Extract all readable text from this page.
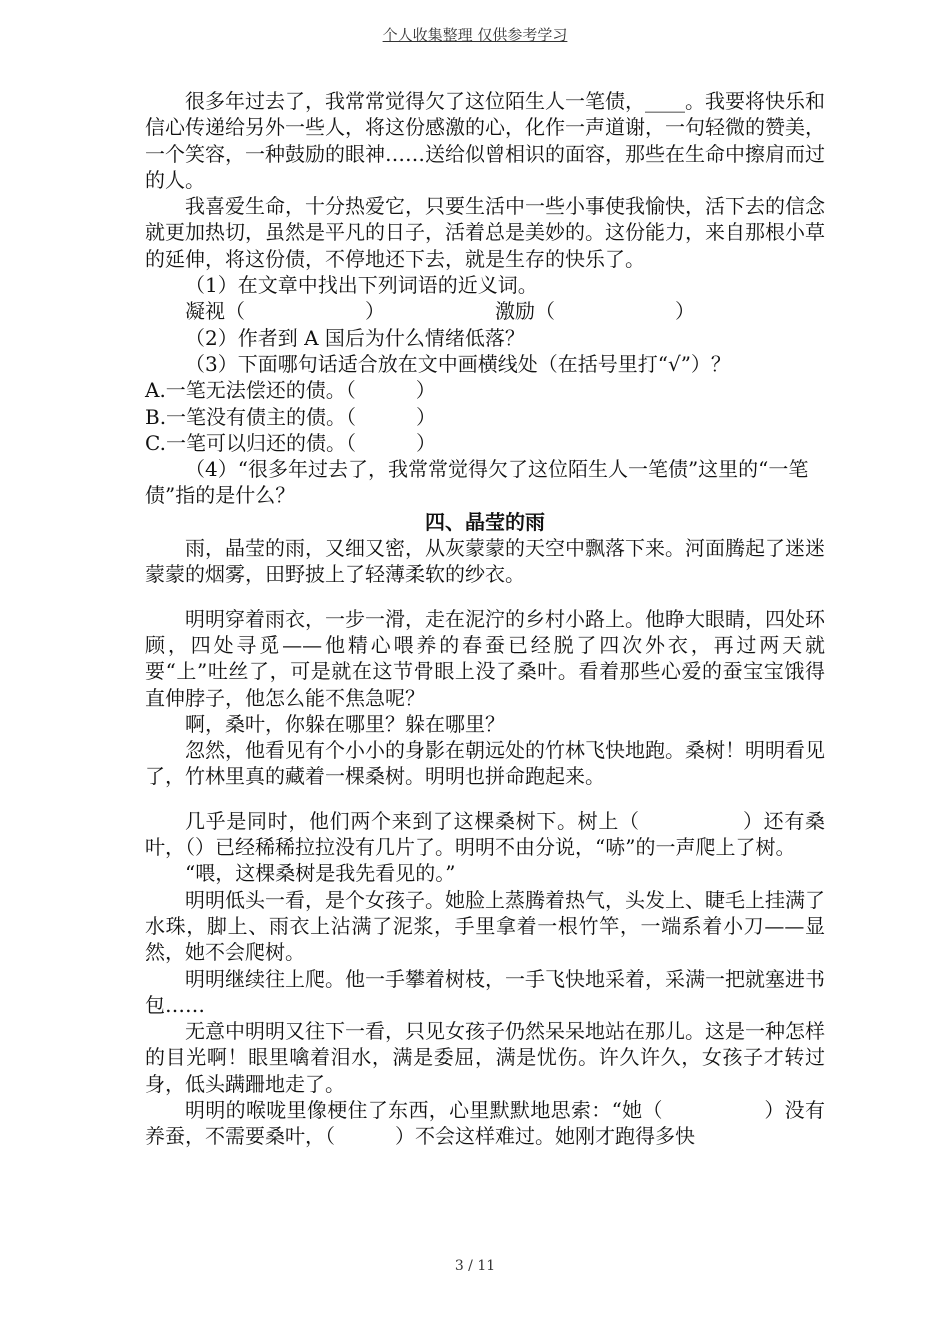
个人收集整理 仅供参考学习

很多年过去了，我常常觉得欠了这位陌生人一笔债，____。我要将快乐和信心传递给另外一些人，将这份感激的心，化作一声道谢，一句轻微的赞美，一个笑容，一种鼓励的眼神……送给似曾相识的面容，那些在生命中擦肩而过的人。

我喜爱生命，十分热爱它，只要生活中一些小事使我愉快，活下去的信念就更加热切，虽然是平凡的日子，活着总是美妙的。这份能力，来自那根小草的延伸，将这份债，不停地还下去，就是生存的快乐了。

（1）在文章中找出下列词语的近义词。

凝视（　　　　　　）	激励（　　　　　　）

（2）作者到 A 国后为什么情绪低落？

（3）下面哪句话适合放在文中画横线处（在括号里打“√”）？

A.一笔无法偿还的债。（　　　）

B.一笔没有债主的债。（　　　）

C.一笔可以归还的债。（　　　）

（4）“很多年过去了，我常常觉得欠了这位陌生人一笔债”这里的“一笔债”指的是什么？

四、晶莹的雨

雨，晶莹的雨，又细又密，从灰蒙蒙的天空中飘落下来。河面腾起了迷迷蒙蒙的烟雾，田野披上了轻薄柔软的纱衣。

明明穿着雨衣，一步一滑，走在泥泞的乡村小路上。他睁大眼睛，四处环顾，四处寻觅——他精心喂养的春蚕已经脱了四次外衣，再过两天就要“上”吐丝了，可是就在这节骨眼上没了桑叶。看着那些心爱的蚕宝宝饿得直伸脖子，他怎么能不焦急呢？

啊，桑叶，你躲在哪里？躲在哪里？

忽然，他看见有个小小的身影在朝远处的竹林飞快地跑。桑树！明明看见了，竹林里真的藏着一棵桑树。明明也拼命跑起来。

几乎是同时，他们两个来到了这棵桑树下。树上（　　　　　）还有桑叶，（）已经稀稀拉拉没有几片了。明明不由分说，“哧”的一声爬上了树。

“喂，这棵桑树是我先看见的。”

明明低头一看，是个女孩子。她脸上蒸腾着热气，头发上、睫毛上挂满了水珠，脚上、雨衣上沾满了泥浆，手里拿着一根竹竿，一端系着小刀——显然，她不会爬树。

明明继续往上爬。他一手攀着树枝，一手飞快地采着，采满一把就塞进书包……

无意中明明又往下一看，只见女孩子仍然呆呆地站在那儿。这是一种怎样的目光啊！眼里噙着泪水，满是委屈，满是忧伤。许久许久，女孩子才转过身，低头蹒跚地走了。

明明的喉咙里像梗住了东西，心里默默地思索：“她（　　　　　）没有养蚕，不需要桑叶，（　　　）不会这样难过。她刚才跑得多快

3 / 11
